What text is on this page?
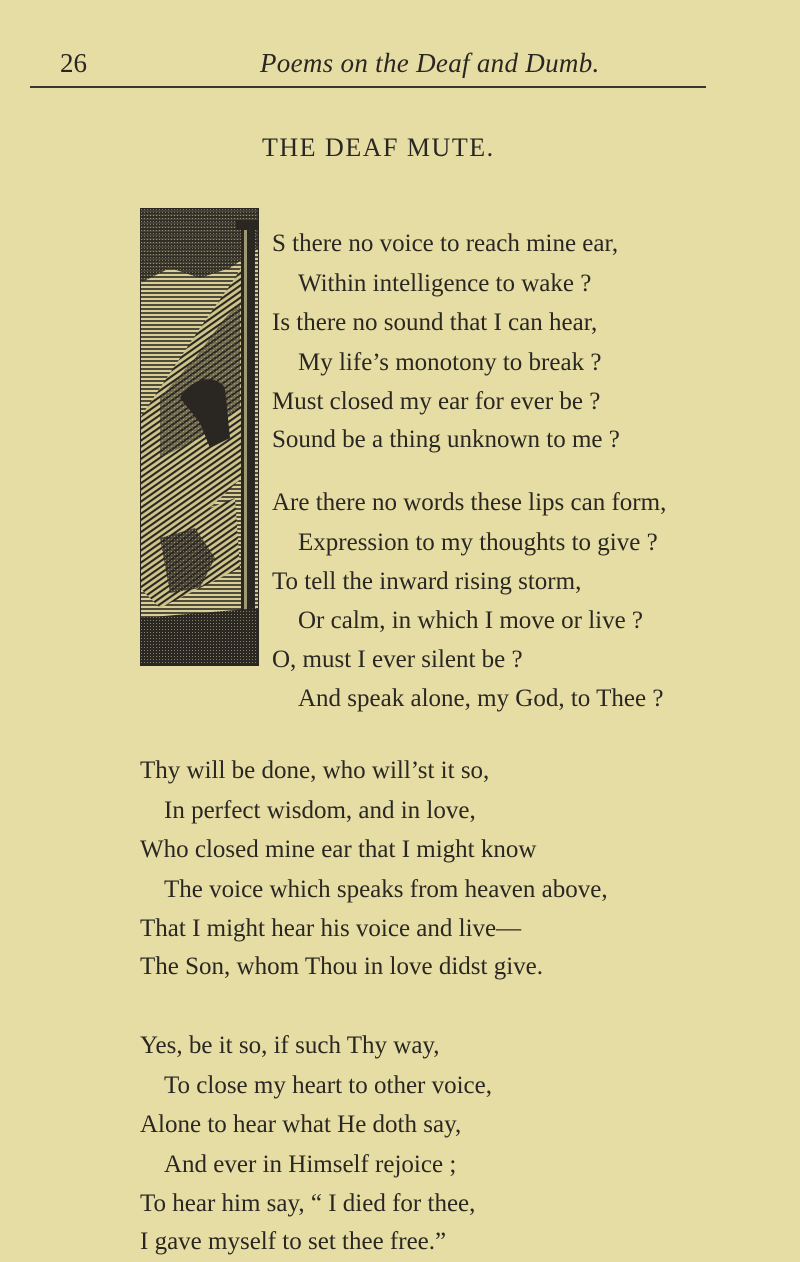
26	Poems on the Deaf and Dumb.
THE DEAF MUTE.
S there no voice to reach mine ear,
Within intelligence to wake ?
Is there no sound that I can hear,
My life’s monotony to break ?
Must closed my ear for ever be ?
Sound be a thing unknown to me ?
Are there no words these lips can form,
Expression to my thoughts to give ?
To tell the inward rising storm,
Or calm, in which I move or live ?
O, must I ever silent be ?
And speak alone, my God, to Thee ?
Thy will be done, who will’st it so,
In perfect wisdom, and in love,
Who closed mine ear that I might know
The voice which speaks from heaven above,
That I might hear his voice and live—
The Son, whom Thou in love didst give.
Yes, be it so, if such Thy way,
To close my heart to other voice,
Alone to hear what He doth say,
And ever in Himself rejoice ;
To hear him say, “ I died for thee,
I gave myself to set thee free.”
